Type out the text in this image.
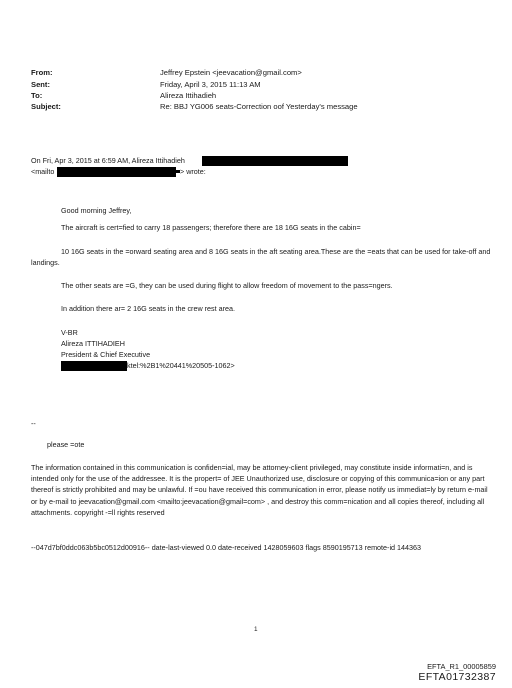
From:	Jeffrey Epstein <jeevacation@gmail.com>
Sent:	Friday, April 3, 2015 11:13 AM
To:	Alireza Ittihadieh
Subject:	Re: BBJ YG006 seats-Correction oof Yesterday's message
On Fri, Apr 3, 2015 at 6:59 AM, Alireza Ittihadieh
<mailto	> wrote:
Good morning Jeffrey,
The aircraft is cert=fied to carry 18 passengers; therefore there are 18 16G seats in the cabin=
10 16G seats in the =orward seating area and 8 16G seats in the aft seating area.These are the =eats that can be used for take-off and landings.
The other seats are =G, they can be used during flight to allow freedom of movement to the pass=ngers.
In addition there ar= 2 16G seats in the crew rest area.
V-BR
Alireza ITTIHADIEH
President & Chief Executive
ktel:%2B1%20441%20505-1062>
--
please =ote
The information contained in this communication is confiden=ial, may be attorney-client privileged, may constitute inside informati=n, and is intended only for the use of the addressee. It is the propert= of JEE Unauthorized use, disclosure or copying of this communica=ion or any part thereof is strictly prohibited and may be unlawful. If =ou have received this communication in error, please notify us immediat=ly by return e-mail or by e-mail to jeevacation@gmail.com <mailto:jeevacation@gmail=com> , and destroy this comm=nication and all copies thereof, including all attachments. copyright -=ll rights reserved
--047d7bf0ddc063b5bc0512d00916-- date-last-viewed 0.0 date-received 1428059603 flags 8590195713 remote-id 144363
1
EFTA_R1_00005859
EFTA01732387
